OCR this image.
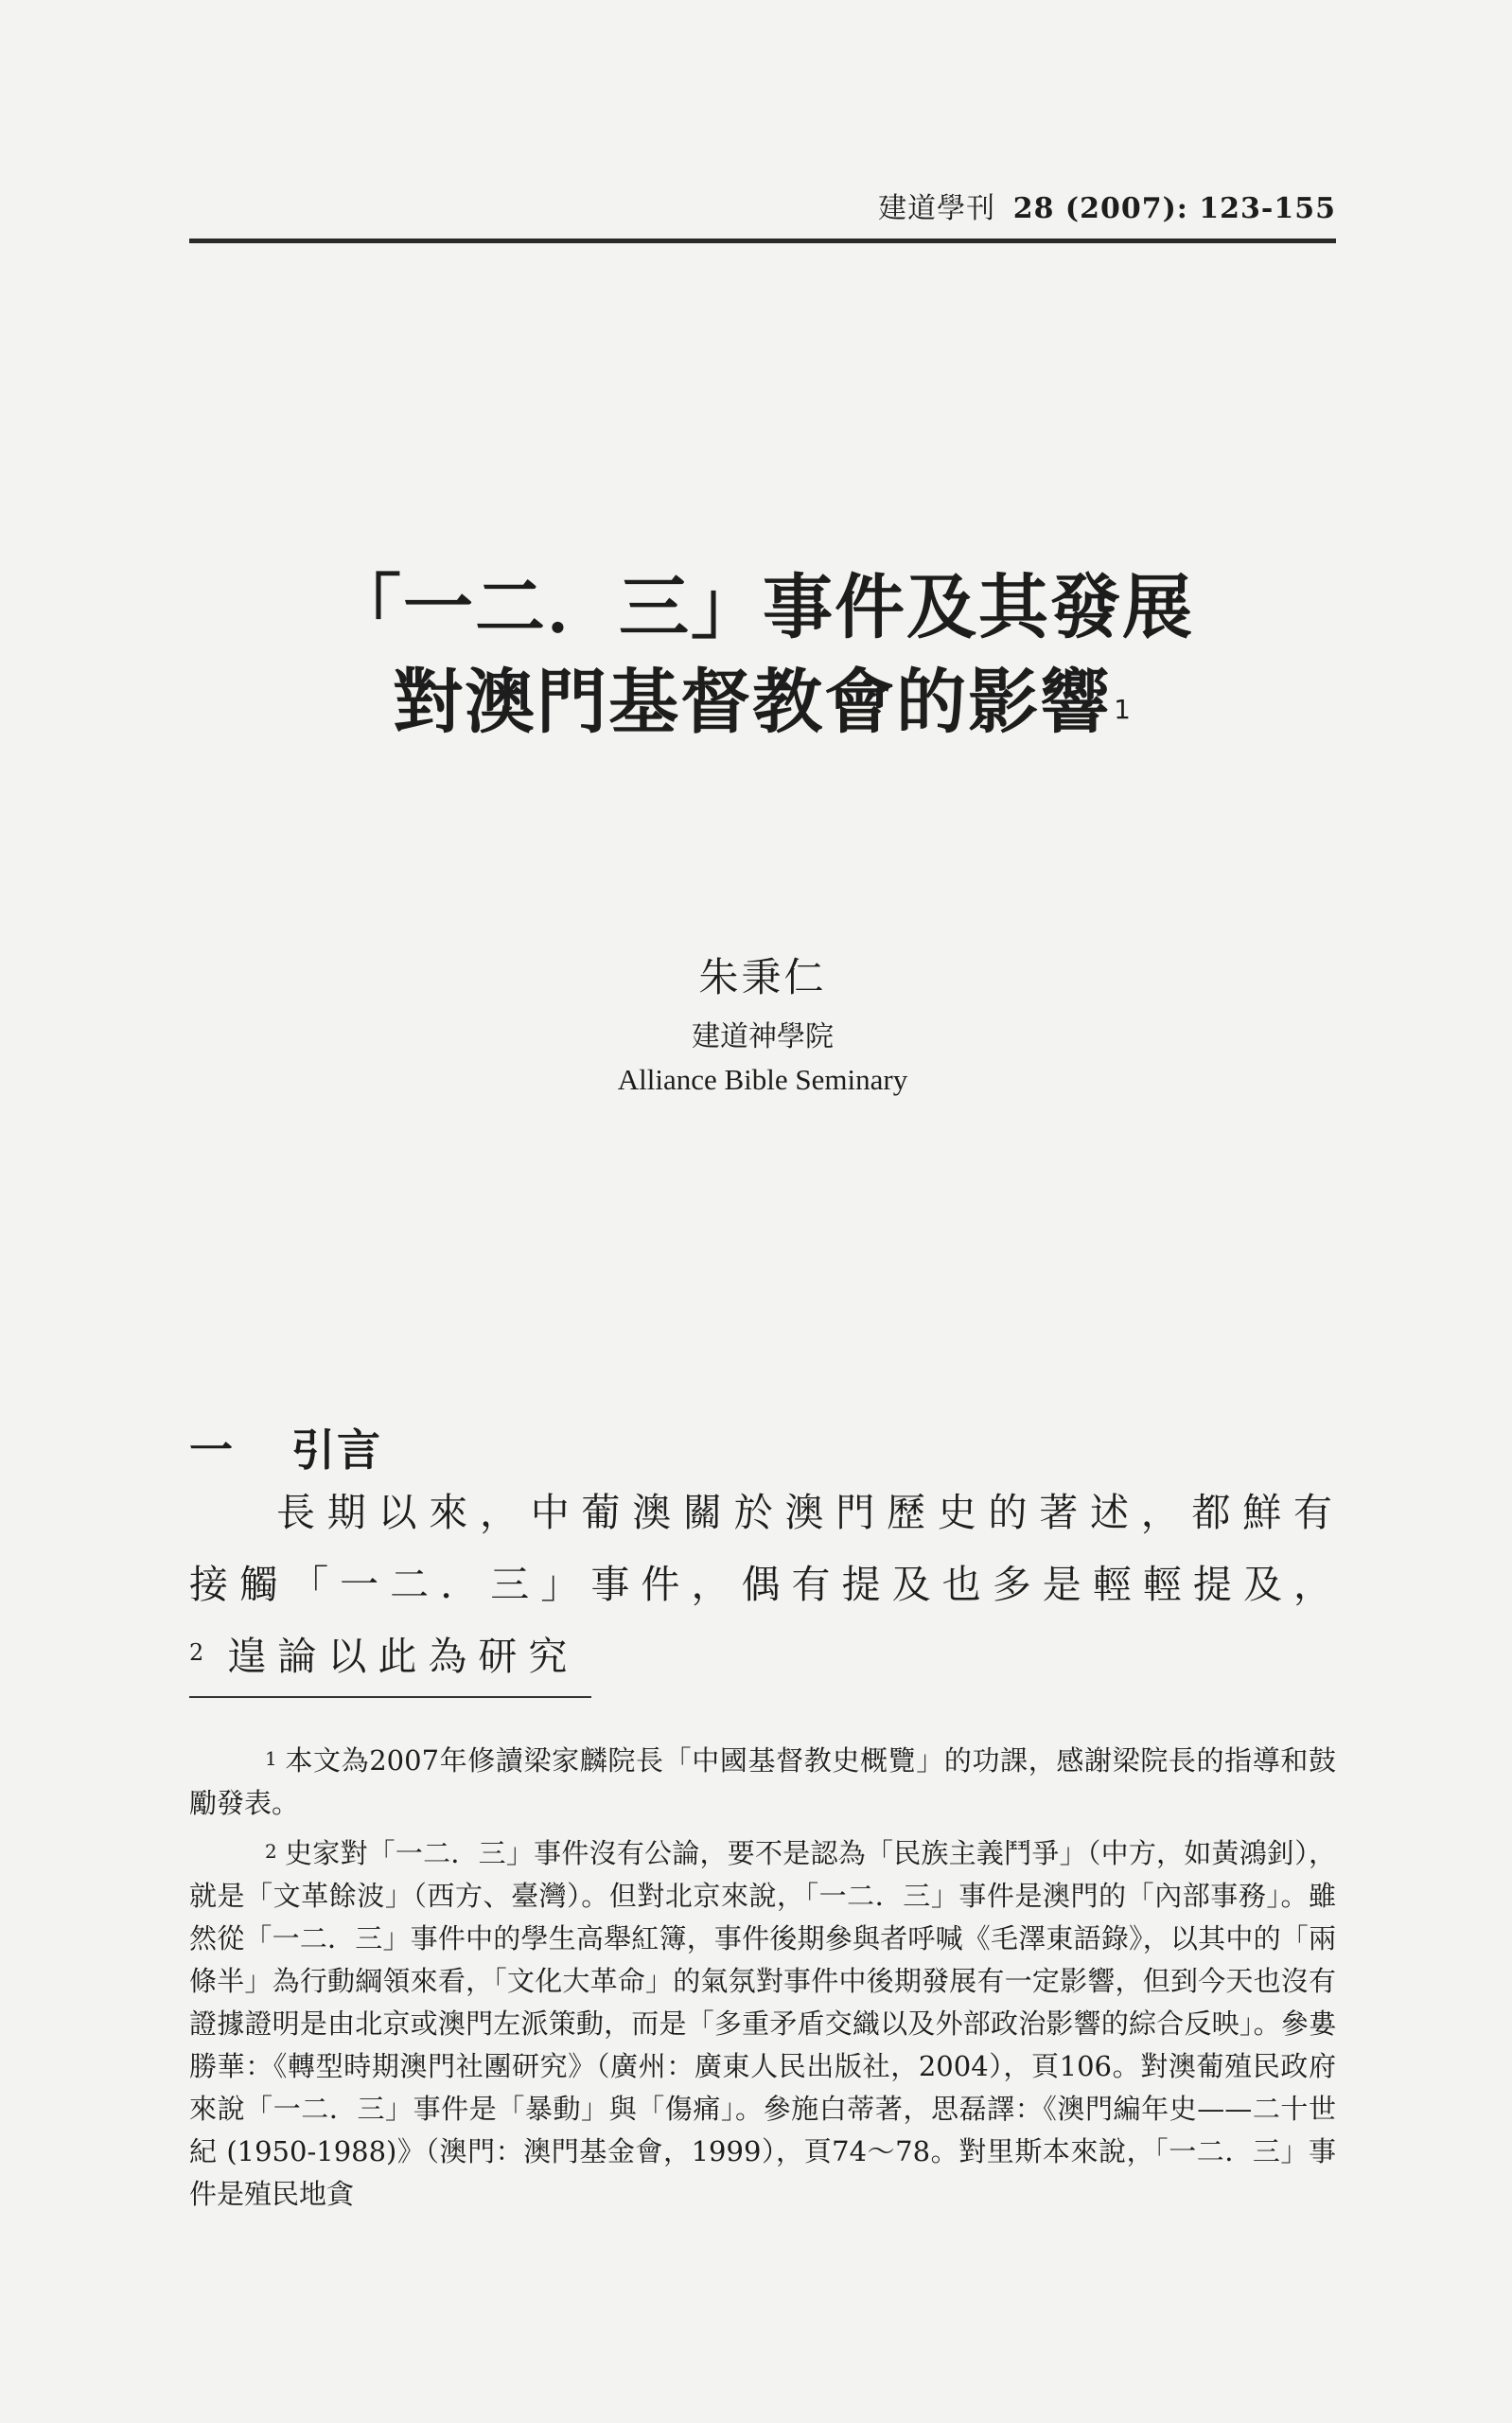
建道學刊 28 (2007): 123-155
「一二．三」事件及其發展
對澳門基督教會的影響$^1$
朱秉仁
建道神學院
Alliance Bible Seminary
一 引言
長期以來，中葡澳關於澳門歷史的著述，都鮮有接觸「一二．三」事件，偶有提及也多是輕輕提及，$^2$ 遑論以此為研究
$^1$ 本文為2007年修讀梁家麟院長「中國基督教史概覽」的功課，感謝梁院長的指導和鼓勵發表。
$^2$ 史家對「一二．三」事件沒有公論，要不是認為「民族主義鬥爭」（中方，如黃鴻釗），就是「文革餘波」（西方、臺灣）。但對北京來說，「一二．三」事件是澳門的「內部事務」。雖然從「一二．三」事件中的學生高舉紅簿，事件後期參與者呼喊《毛澤東語錄》，以其中的「兩條半」為行動綱領來看，「文化大革命」的氣氛對事件中後期發展有一定影響，但到今天也沒有證據證明是由北京或澳門左派策動，而是「多重矛盾交織以及外部政治影響的綜合反映」。參婁勝華：《轉型時期澳門社團研究》（廣州：廣東人民出版社，2004），頁106。對澳葡殖民政府來說「一二．三」事件是「暴動」與「傷痛」。參施白蒂著，思磊譯：《澳門編年史——二十世紀 (1950-1988)》（澳門：澳門基金會，1999），頁74～78。對里斯本來說，「一二．三」事件是殖民地貪
